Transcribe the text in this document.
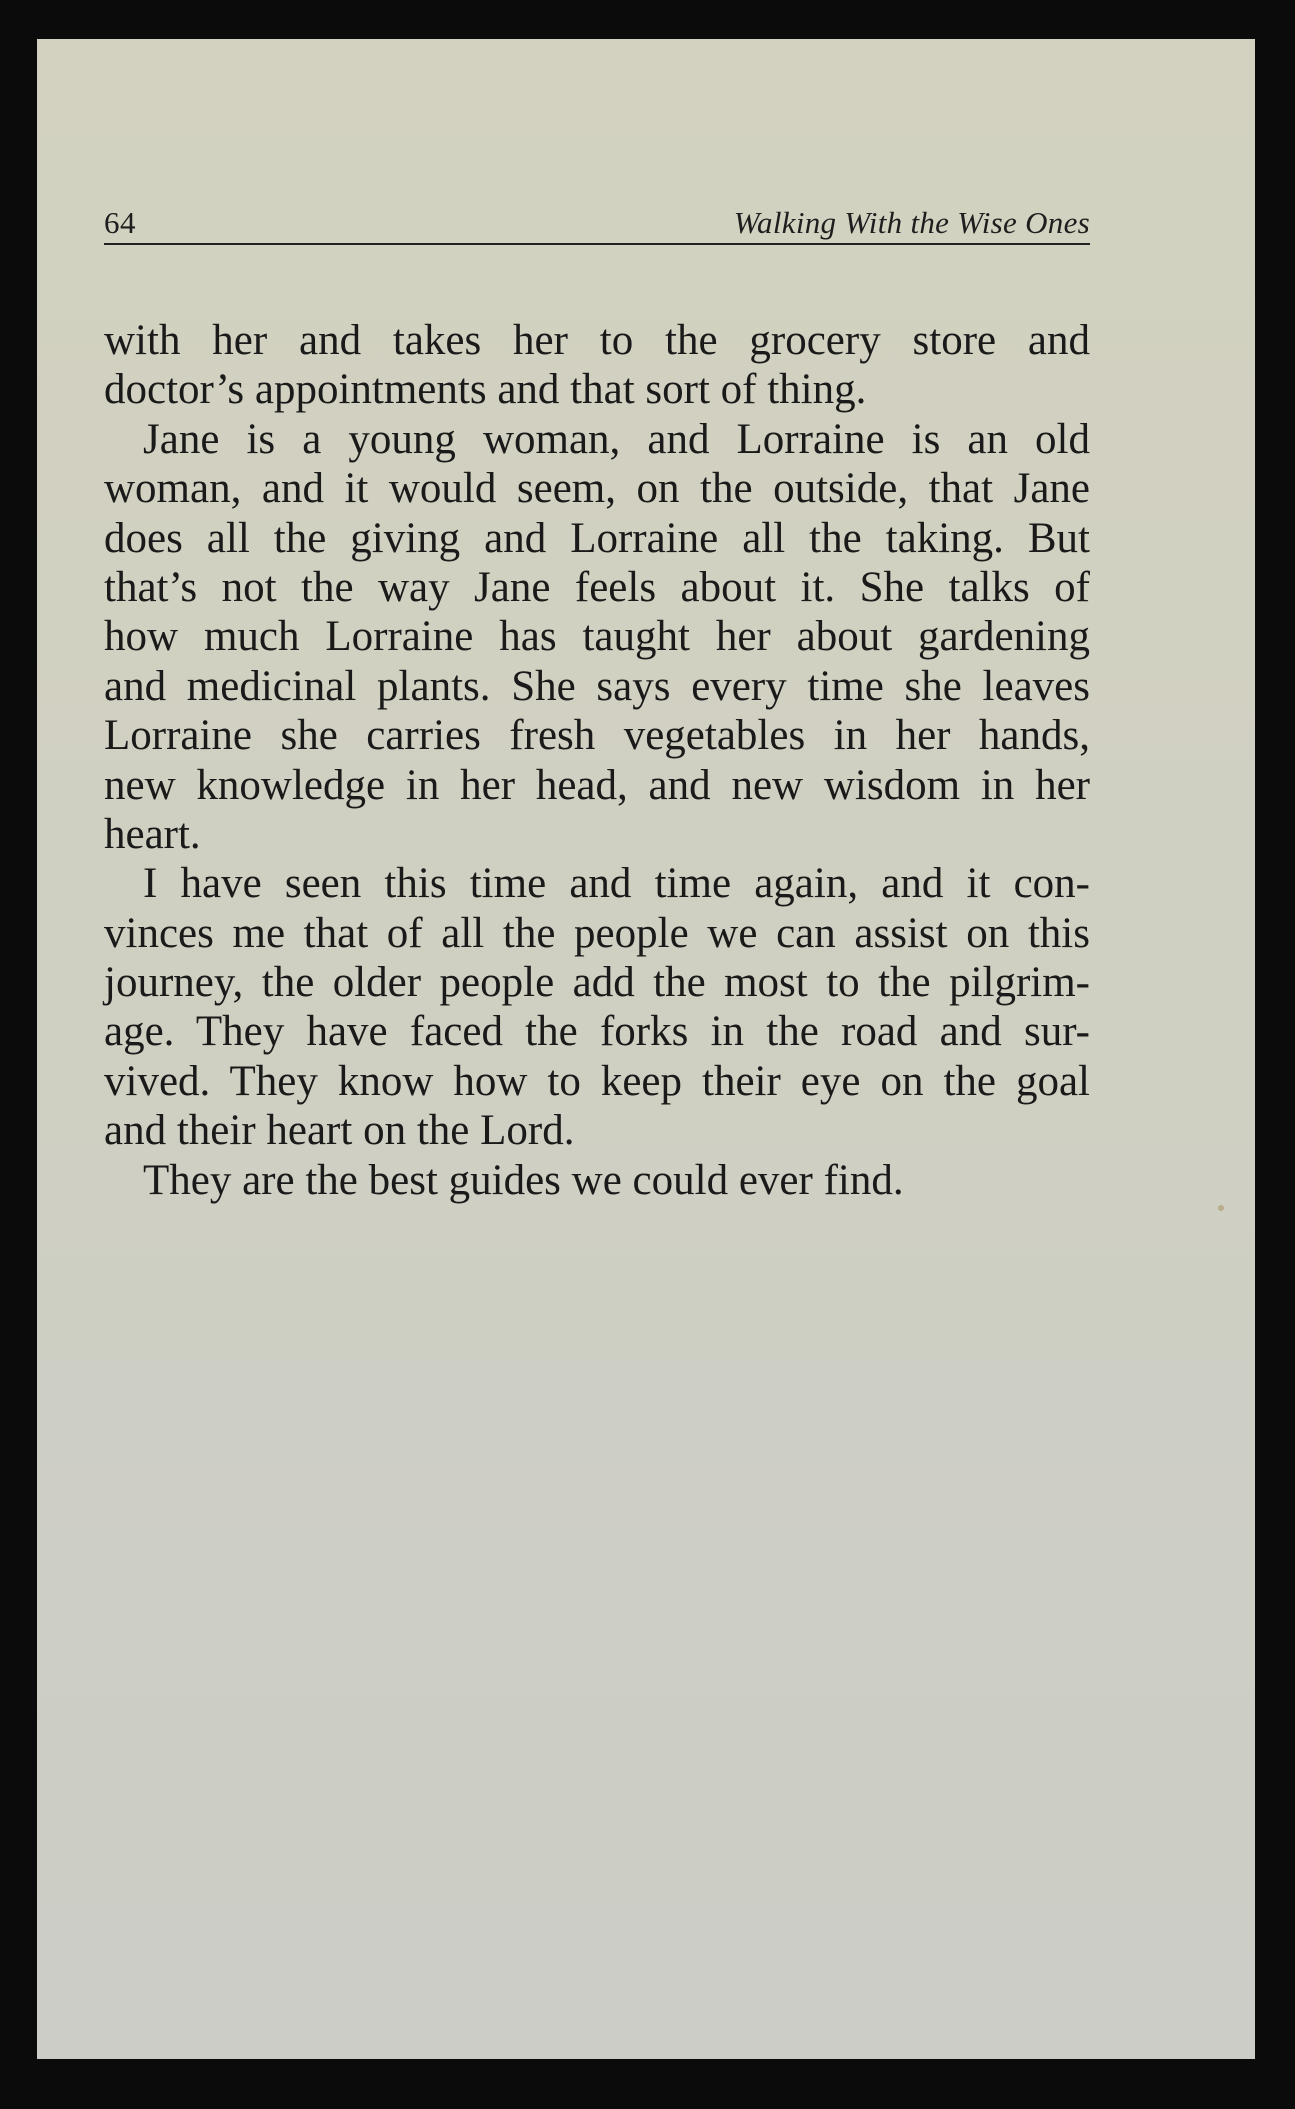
64	Walking With the Wise Ones
with her and takes her to the grocery store and
doctor’s appointments and that sort of thing.
Jane is a young woman, and Lorraine is an old
woman, and it would seem, on the outside, that Jane
does all the giving and Lorraine all the taking. But
that’s not the way Jane feels about it. She talks of
how much Lorraine has taught her about gardening
and medicinal plants. She says every time she leaves
Lorraine she carries fresh vegetables in her hands,
new knowledge in her head, and new wisdom in her
heart.
I have seen this time and time again, and it con-
vinces me that of all the people we can assist on this
journey, the older people add the most to the pilgrim-
age. They have faced the forks in the road and sur-
vived. They know how to keep their eye on the goal
and their heart on the Lord.
They are the best guides we could ever find.
